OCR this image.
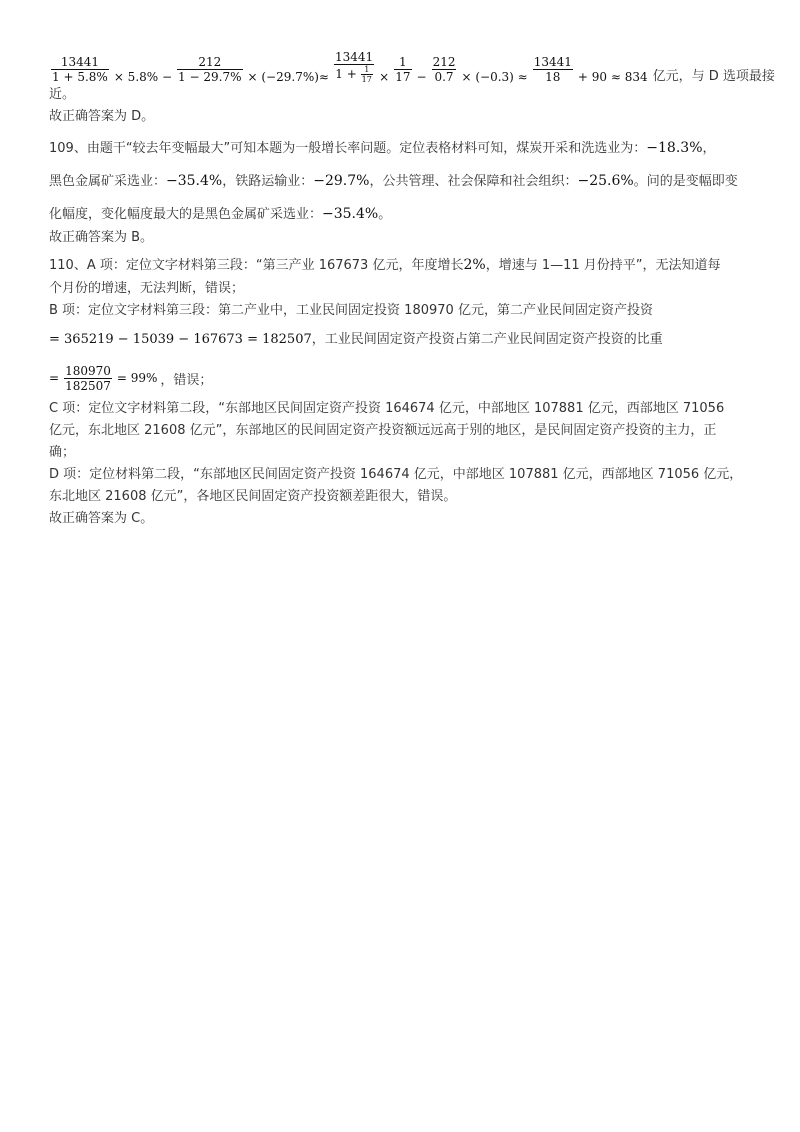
$\frac{13441}{1 + 5.8\%} \times 5.8\% - \frac{212}{1 - 29.7\%} \times (-29.7\%)\approx \frac{13441}{1 + \frac{1}{17}} \times \frac{1}{17} - \frac{212}{0.7} \times (-0.3) \approx \frac{13441}{18} + 90 \approx 834$ 亿元，与 D 选项最接
近。
故正确答案为 D。
109、由题干“较去年变幅最大”可知本题为一般增长率问题。定位表格材料可知，煤炭开采和洗选业为：−18.3%，
黑色金属矿采选业：−35.4%，铁路运输业：−29.7%，公共管理、社会保障和社会组织：−25.6%。问的是变幅即变
化幅度，变化幅度最大的是黑色金属矿采选业：−35.4%。
故正确答案为 B。
110、A 项：定位文字材料第三段：“第三产业 167673 亿元，年度增长2%，增速与 1—11 月份持平”，无法知道每
个月份的增速，无法判断，错误；
B 项：定位文字材料第三段：第二产业中，工业民间固定投资 180970 亿元，第二产业民间固定资产投资
= 365219 − 15039 − 167673 = 182507，工业民间固定资产投资占第二产业民间固定资产投资的比重
= $\frac{180970}{182507} = 99\%$ ，错误；
C 项：定位文字材料第二段，“东部地区民间固定资产投资 164674 亿元，中部地区 107881 亿元，西部地区 71056
亿元，东北地区 21608 亿元”，东部地区的民间固定资产投资额远远高于别的地区，是民间固定资产投资的主力，正
确；
D 项：定位材料第二段，“东部地区民间固定资产投资 164674 亿元，中部地区 107881 亿元，西部地区 71056 亿元，
东北地区 21608 亿元”，各地区民间固定资产投资额差距很大，错误。
故正确答案为 C。
